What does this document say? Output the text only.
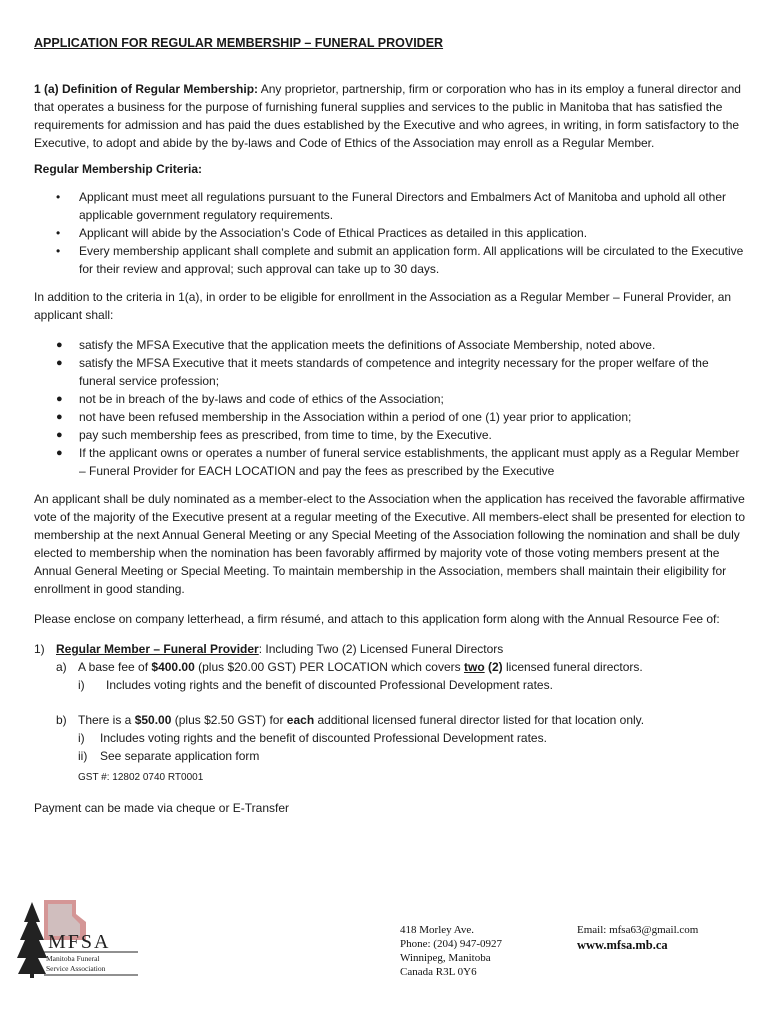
APPLICATION FOR REGULAR MEMBERSHIP – FUNERAL PROVIDER

1 (a) Definition of Regular Membership: Any proprietor, partnership, firm or corporation who has in its employ a funeral director and that operates a business for the purpose of furnishing funeral supplies and services to the public in Manitoba that has satisfied the requirements for admission and has paid the dues established by the Executive and who agrees, in writing, in form satisfactory to the Executive, to adopt and abide by the by-laws and Code of Ethics of the Association may enroll as a Regular Member.

Regular Membership Criteria:
• Applicant must meet all regulations pursuant to the Funeral Directors and Embalmers Act of Manitoba and uphold all other applicable government regulatory requirements.
• Applicant will abide by the Association’s Code of Ethical Practices as detailed in this application.
• Every membership applicant shall complete and submit an application form. All applications will be circulated to the Executive for their review and approval; such approval can take up to 30 days.

In addition to the criteria in 1(a), in order to be eligible for enrollment in the Association as a Regular Member – Funeral Provider, an applicant shall:

● satisfy the MFSA Executive that the application meets the definitions of Associate Membership, noted above.
● satisfy the MFSA Executive that it meets standards of competence and integrity necessary for the proper welfare of the funeral service profession;
● not be in breach of the by-laws and code of ethics of the Association;
● not have been refused membership in the Association within a period of one (1) year prior to application;
● pay such membership fees as prescribed, from time to time, by the Executive.
● If the applicant owns or operates a number of funeral service establishments, the applicant must apply as a Regular Member – Funeral Provider for EACH LOCATION and pay the fees as prescribed by the Executive

An applicant shall be duly nominated as a member-elect to the Association when the application has received the favorable affirmative vote of the majority of the Executive present at a regular meeting of the Executive. All members-elect shall be presented for election to membership at the next Annual General Meeting or any Special Meeting of the Association following the nomination and shall be duly elected to membership when the nomination has been favorably affirmed by majority vote of those voting members present at the Annual General Meeting or Special Meeting. To maintain membership in the Association, members shall maintain their eligibility for enrollment in good standing.

Please enclose on company letterhead, a firm résumé, and attach to this application form along with the Annual Resource Fee of:

1) Regular Member – Funeral Provider: Including Two (2) Licensed Funeral Directors
a) A base fee of $400.00 (plus $20.00 GST) PER LOCATION which covers two (2) licensed funeral directors.
i) Includes voting rights and the benefit of discounted Professional Development rates.
b) There is a $50.00 (plus $2.50 GST) for each additional licensed funeral director listed for that location only.
i) Includes voting rights and the benefit of discounted Professional Development rates.
ii) See separate application form
GST #: 12802 0740 RT0001

Payment can be made via cheque or E-Transfer

MFSA
Manitoba Funeral
Service Association
418 Morley Ave.
Phone: (204) 947-0927
Winnipeg, Manitoba
Canada R3L 0Y6
Email: mfsa63@gmail.com
www.mfsa.mb.ca
